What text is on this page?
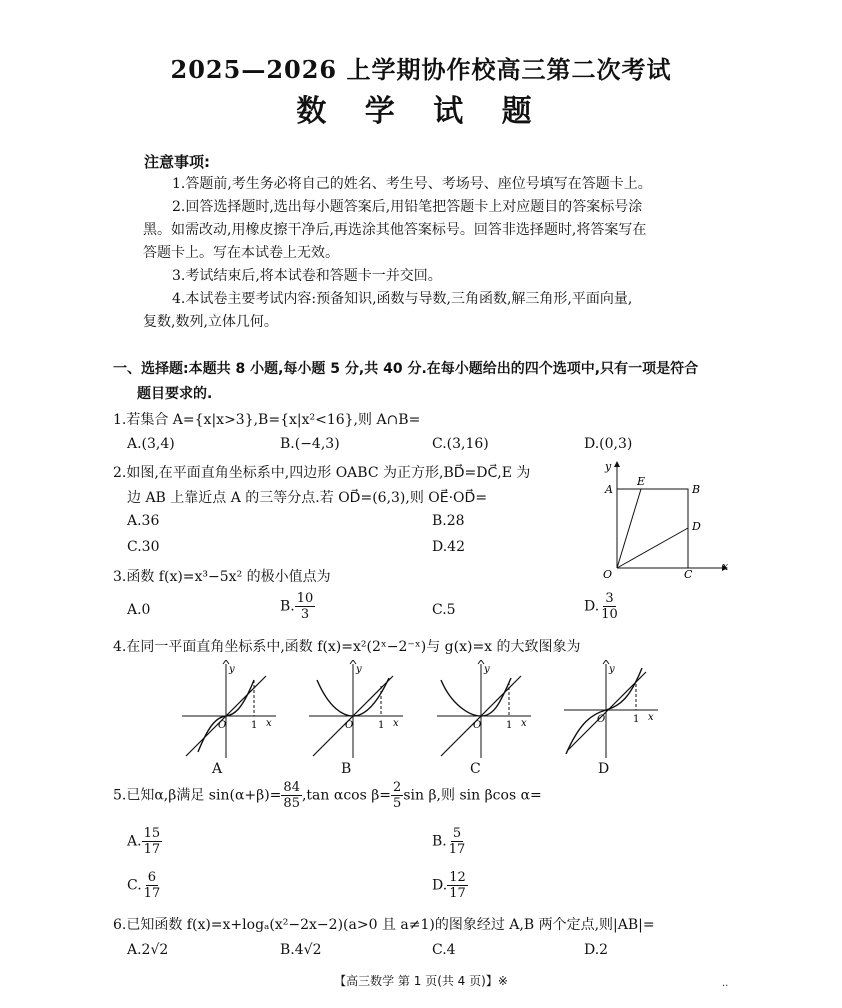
2025—2026 上学期协作校高三第二次考试
数 学 试 题
注意事项:
1.答题前,考生务必将自己的姓名、考生号、考场号、座位号填写在答题卡上。
2.回答选择题时,选出每小题答案后,用铅笔把答题卡上对应题目的答案标号涂
黑。如需改动,用橡皮擦干净后,再选涂其他答案标号。回答非选择题时,将答案写在
答题卡上。写在本试卷上无效。
3.考试结束后,将本试卷和答题卡一并交回。
4.本试卷主要考试内容:预备知识,函数与导数,三角函数,解三角形,平面向量,
复数,数列,立体几何。
一、选择题:本题共 8 小题,每小题 5 分,共 40 分.在每小题给出的四个选项中,只有一项是符合
题目要求的.
1.若集合 A={x|x>3},B={x|x²<16},则 A∩B=
A.(3,4)	B.(−4,3)	C.(3,16)	D.(0,3)
2.如图,在平面直角坐标系中,四边形 OABC 为正方形,BD⃗=DC⃗,E 为
边 AB 上靠近点 A 的三等分点.若 OD⃗=(6,3),则 OE⃗·OD⃗=
A.36	B.28
C.30	D.42
y
x
A
E
B
D
O	C
3.函数 f(x)=x³−5x² 的极小值点为
A.0	B. $\frac{10}{3}$	C.5	D. $\frac{3}{10}$
4.在同一平面直角坐标系中,函数 f(x)=x²(2ˣ−2⁻ˣ)与 g(x)=x 的大致图象为
y
x
O 1
A
y
x
O 1
B
y
x
O 1
C
y
x
O	1
D
5.已知α,β满足 $\sin(\alpha+\beta)= \frac{84}{85} ,\tan$ αcos $\beta= \frac{2}{5}$ sin β,则 sin βcos α=
A. $\frac{15}{17}$	B. $\frac{5}{17}$
C. $\frac{6}{17}$	D. $\frac{12}{17}$
6.已知函数 f(x)=x+logₐ(x²−2x−2)(a>0 且 a≠1)的图象经过 A,B 两个定点,则|AB|=
A.2√2	B.4√2	C.4	D.2
【高三数学 第 1 页(共 4 页)】※	..
